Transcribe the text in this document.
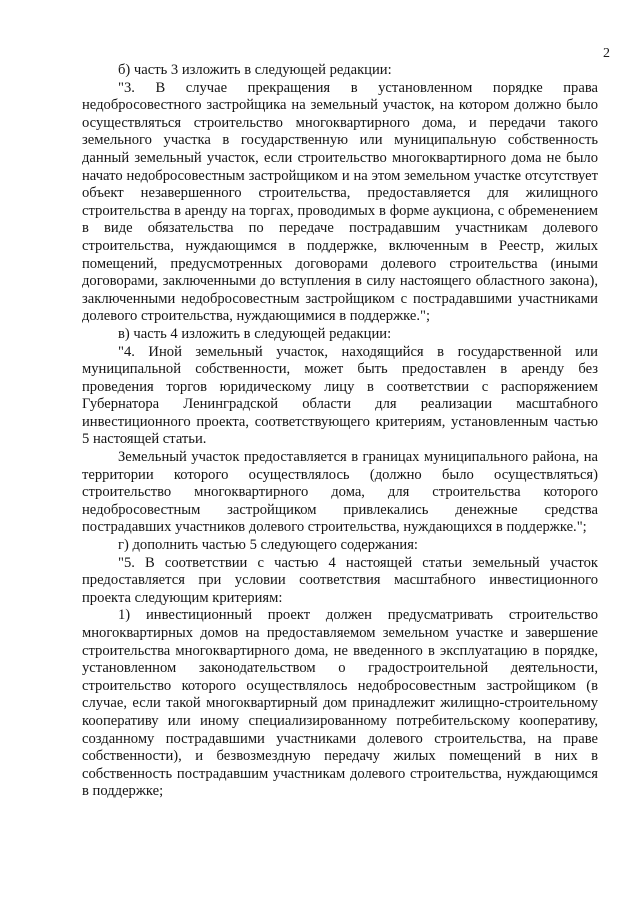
2

б) часть 3 изложить в следующей редакции:

"3. В случае прекращения в установленном порядке права недобросовестного застройщика на земельный участок, на котором должно было осуществляться строительство многоквартирного дома, и передачи такого земельного участка в государственную или муниципальную собственность данный земельный участок, если строительство многоквартирного дома не было начато недобросовестным застройщиком и на этом земельном участке отсутствует объект незавершенного строительства, предоставляется для жилищного строительства в аренду на торгах, проводимых в форме аукциона, с обременением в виде обязательства по передаче пострадавшим участникам долевого строительства, нуждающимся в поддержке, включенным в Реестр, жилых помещений, предусмотренных договорами долевого строительства (иными договорами, заключенными до вступления в силу настоящего областного закона), заключенными недобросовестным застройщиком с пострадавшими участниками долевого строительства, нуждающимися в поддержке.";

в) часть 4 изложить в следующей редакции:

"4. Иной земельный участок, находящийся в государственной или муниципальной собственности, может быть предоставлен в аренду без проведения торгов юридическому лицу в соответствии с распоряжением Губернатора Ленинградской области для реализации масштабного инвестиционного проекта, соответствующего критериям, установленным частью 5 настоящей статьи.

Земельный участок предоставляется в границах муниципального района, на территории которого осуществлялось (должно было осуществляться) строительство многоквартирного дома, для строительства которого недобросовестным застройщиком привлекались денежные средства пострадавших участников долевого строительства, нуждающихся в поддержке.";

г) дополнить частью 5 следующего содержания:

"5. В соответствии с частью 4 настоящей статьи земельный участок предоставляется при условии соответствия масштабного инвестиционного проекта следующим критериям:

1) инвестиционный проект должен предусматривать строительство многоквартирных домов на предоставляемом земельном участке и завершение строительства многоквартирного дома, не введенного в эксплуатацию в порядке, установленном законодательством о градостроительной деятельности, строительство которого осуществлялось недобросовестным застройщиком (в случае, если такой многоквартирный дом принадлежит жилищно-строительному кооперативу или иному специализированному потребительскому кооперативу, созданному пострадавшими участниками долевого строительства, на праве собственности), и безвозмездную передачу жилых помещений в них в собственность пострадавшим участникам долевого строительства, нуждающимся в поддержке;
